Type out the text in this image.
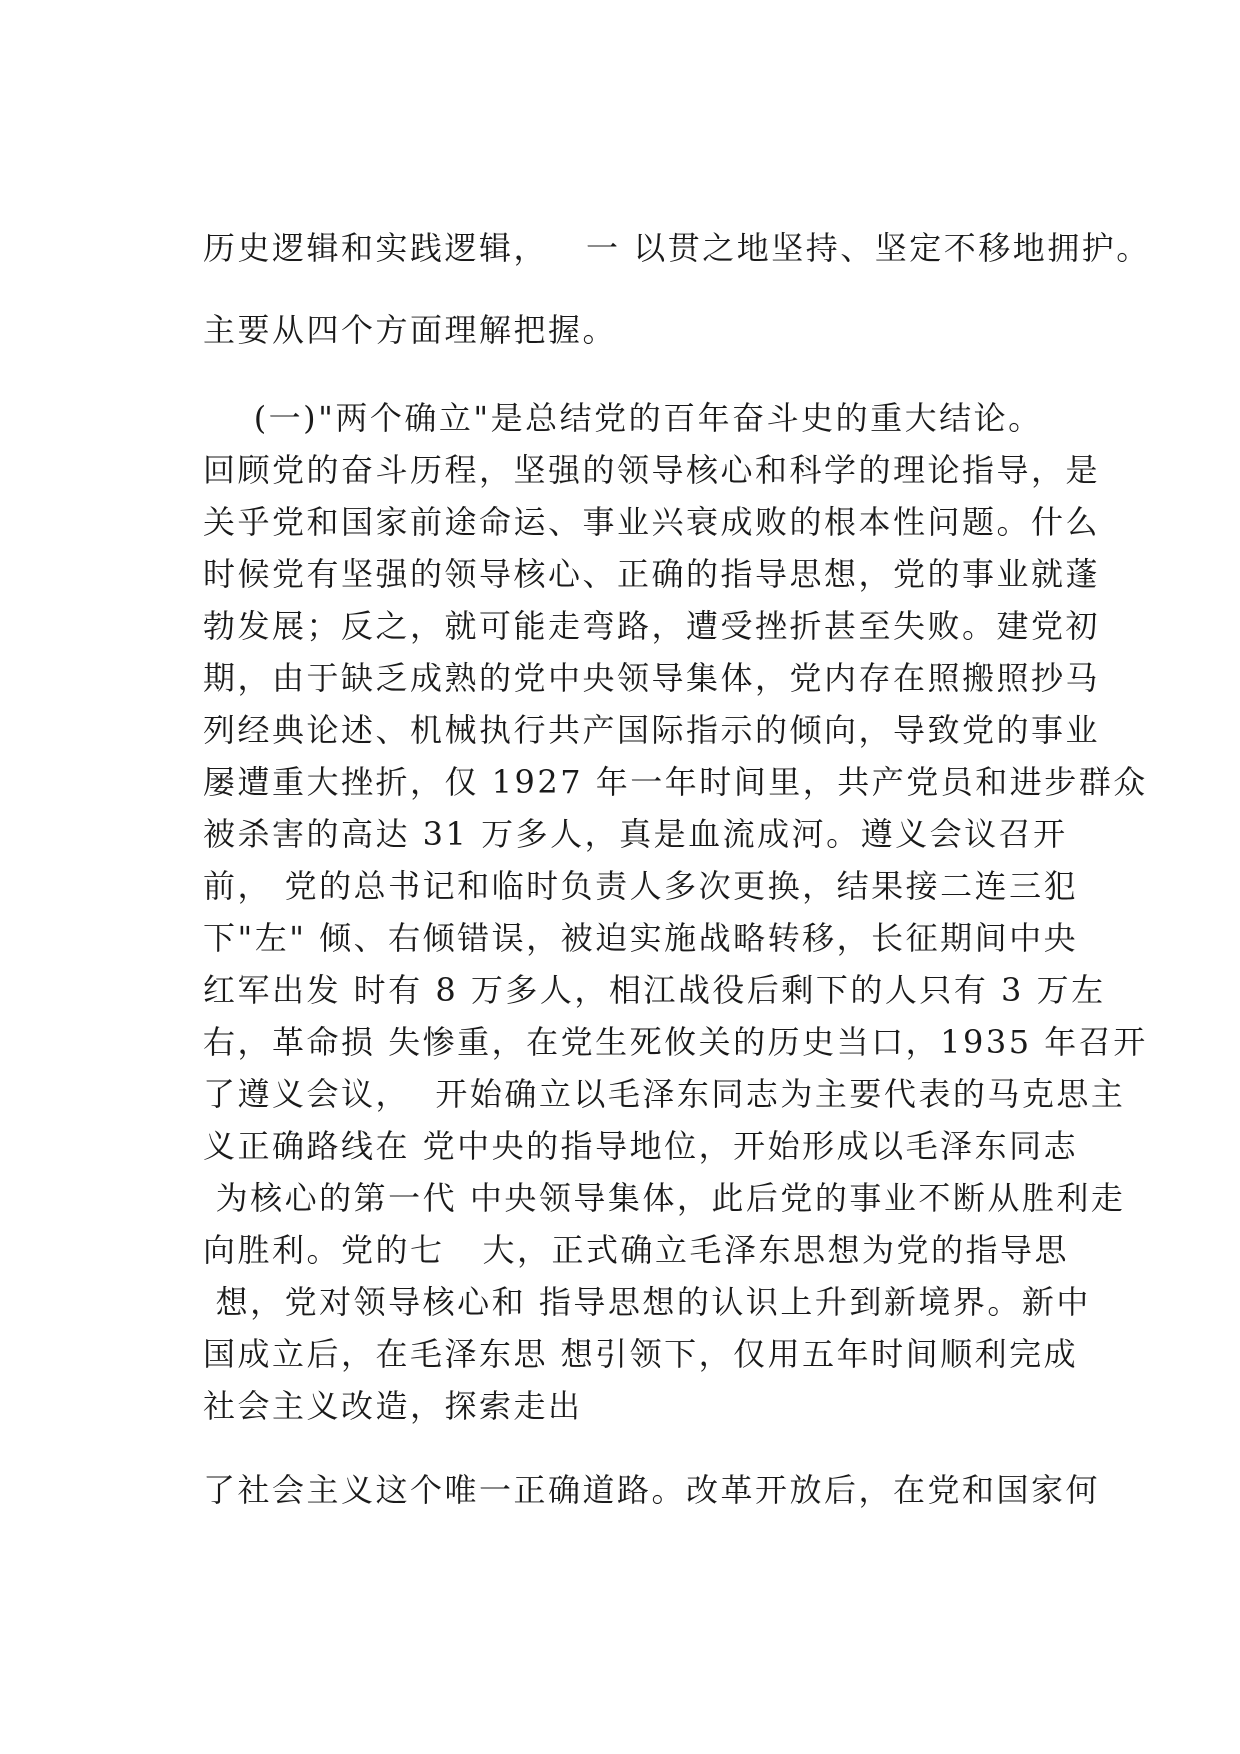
历史逻辑和实践逻辑，   一 以贯之地坚持、坚定不移地拥护。
主要从四个方面理解把握。
(一)"两个确立"是总结党的百年奋斗史的重大结论。
回顾党的奋斗历程，坚强的领导核心和科学的理论指导，是
关乎党和国家前途命运、事业兴衰成败的根本性问题。什么
时候党有坚强的领导核心、正确的指导思想，党的事业就蓬
勃发展；反之，就可能走弯路，遭受挫折甚至失败。建党初
期，由于缺乏成熟的党中央领导集体，党内存在照搬照抄马
列经典论述、机械执行共产国际指示的倾向，导致党的事业
屡遭重大挫折，仅 1927 年一年时间里，共产党员和进步群众
被杀害的高达 31 万多人，真是血流成河。遵义会议召开
前， 党的总书记和临时负责人多次更换，结果接二连三犯
下"左" 倾、右倾错误，被迫实施战略转移，长征期间中央
红军出发 时有 8 万多人，相江战役后剩下的人只有 3 万左
右，革命损 失惨重，在党生死攸关的历史当口，1935 年召开
了遵义会议，  开始确立以毛泽东同志为主要代表的马克思主
义正确路线在 党中央的指导地位，开始形成以毛泽东同志
为核心的第一代 中央领导集体，此后党的事业不断从胜利走
向胜利。党的七   大，正式确立毛泽东思想为党的指导思
想，党对领导核心和 指导思想的认识上升到新境界。新中
国成立后，在毛泽东思 想引领下，仅用五年时间顺利完成
社会主义改造，探索走出
了社会主义这个唯一正确道路。改革开放后，在党和国家何
